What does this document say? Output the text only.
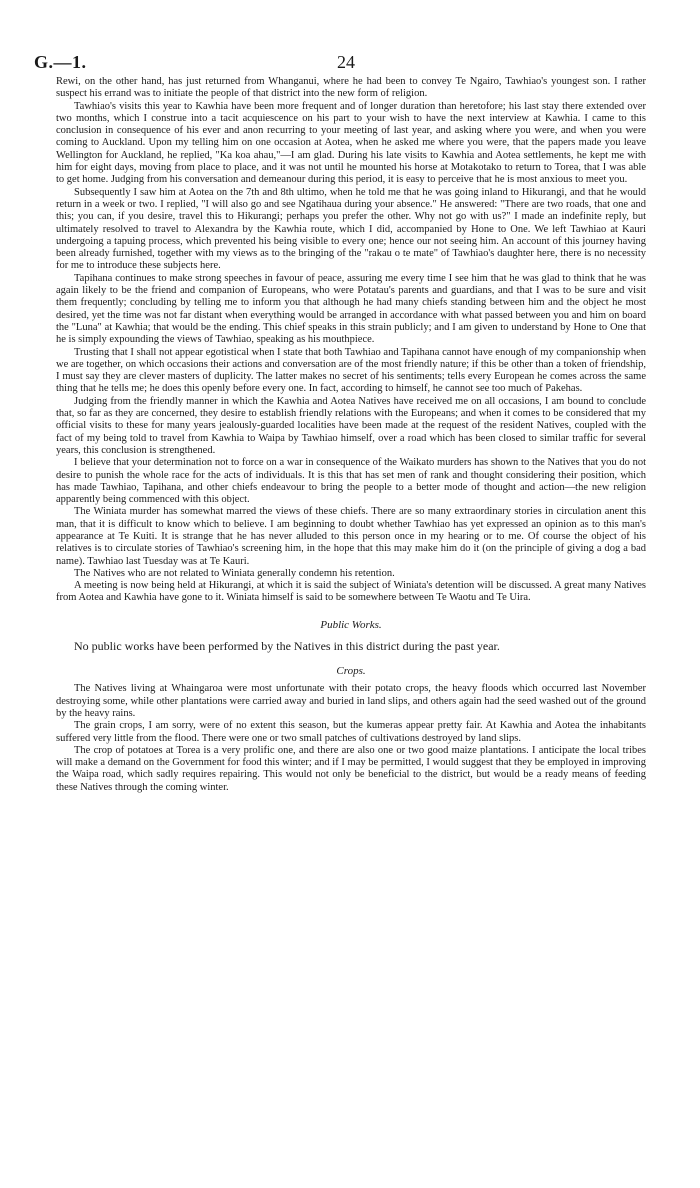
G.—1.	24

Rewi, on the other hand, has just returned from Whanganui, where he had been to convey Te Ngairo, Tawhiao's youngest son. I rather suspect his errand was to initiate the people of that district into the new form of religion.

Tawhiao's visits this year to Kawhia have been more frequent and of longer duration than heretofore; his last stay there extended over two months, which I construe into a tacit acquiescence on his part to your wish to have the next interview at Kawhia. I came to this conclusion in consequence of his ever and anon recurring to your meeting of last year, and asking where you were, and when you were coming to Auckland. Upon my telling him on one occasion at Aotea, when he asked me where you were, that the papers made you leave Wellington for Auckland, he replied, "Ka koa ahau,"—I am glad. During his late visits to Kawhia and Aotea settlements, he kept me with him for eight days, moving from place to place, and it was not until he mounted his horse at Motakotako to return to Torea, that I was able to get home. Judging from his conversation and demeanour during this period, it is easy to perceive that he is most anxious to meet you.

Subsequently I saw him at Aotea on the 7th and 8th ultimo, when he told me that he was going inland to Hikurangi, and that he would return in a week or two. I replied, "I will also go and see Ngatihaua during your absence." He answered: "There are two roads, that one and this; you can, if you desire, travel this to Hikurangi; perhaps you prefer the other. Why not go with us?" I made an indefinite reply, but ultimately resolved to travel to Alexandra by the Kawhia route, which I did, accompanied by Hone to One. We left Tawhiao at Kauri undergoing a tapuing process, which prevented his being visible to every one; hence our not seeing him. An account of this journey having been already furnished, together with my views as to the bringing of the "rakau o te mate" of Tawhiao's daughter here, there is no necessity for me to introduce these subjects here.

Tapihana continues to make strong speeches in favour of peace, assuring me every time I see him that he was glad to think that he was again likely to be the friend and companion of Europeans, who were Potatau's parents and guardians, and that I was to be sure and visit them frequently; concluding by telling me to inform you that although he had many chiefs standing between him and the object he most desired, yet the time was not far distant when everything would be arranged in accordance with what passed between you and him on board the "Luna" at Kawhia; that would be the ending. This chief speaks in this strain publicly; and I am given to understand by Hone to One that he is simply expounding the views of Tawhiao, speaking as his mouthpiece.

Trusting that I shall not appear egotistical when I state that both Tawhiao and Tapihana cannot have enough of my companionship when we are together, on which occasions their actions and conversation are of the most friendly nature; if this be other than a token of friendship, I must say they are clever masters of duplicity. The latter makes no secret of his sentiments; tells every European he comes across the same thing that he tells me; he does this openly before every one. In fact, according to himself, he cannot see too much of Pakehas.

Judging from the friendly manner in which the Kawhia and Aotea Natives have received me on all occasions, I am bound to conclude that, so far as they are concerned, they desire to establish friendly relations with the Europeans; and when it comes to be considered that my official visits to these for many years jealously-guarded localities have been made at the request of the resident Natives, coupled with the fact of my being told to travel from Kawhia to Waipa by Tawhiao himself, over a road which has been closed to similar traffic for several years, this conclusion is strengthened.

I believe that your determination not to force on a war in consequence of the Waikato murders has shown to the Natives that you do not desire to punish the whole race for the acts of individuals. It is this that has set men of rank and thought considering their position, which has made Tawhiao, Tapihana, and other chiefs endeavour to bring the people to a better mode of thought and action—the new religion apparently being commenced with this object.

The Winiata murder has somewhat marred the views of these chiefs. There are so many extraordinary stories in circulation anent this man, that it is difficult to know which to believe. I am beginning to doubt whether Tawhiao has yet expressed an opinion as to this man's appearance at Te Kuiti. It is strange that he has never alluded to this person once in my hearing or to me. Of course the object of his relatives is to circulate stories of Tawhiao's screening him, in the hope that this may make him do it (on the principle of giving a dog a bad name). Tawhiao last Tuesday was at Te Kauri.

The Natives who are not related to Winiata generally condemn his retention.

A meeting is now being held at Hikurangi, at which it is said the subject of Winiata's detention will be discussed. A great many Natives from Aotea and Kawhia have gone to it. Winiata himself is said to be somewhere between Te Waotu and Te Uira.

Public Works.

No public works have been performed by the Natives in this district during the past year.

Crops.

The Natives living at Whaingaroa were most unfortunate with their potato crops, the heavy floods which occurred last November destroying some, while other plantations were carried away and buried in land slips, and others again had the seed washed out of the ground by the heavy rains.

The grain crops, I am sorry, were of no extent this season, but the kumeras appear pretty fair. At Kawhia and Aotea the inhabitants suffered very little from the flood. There were one or two small patches of cultivations destroyed by land slips.

The crop of potatoes at Torea is a very prolific one, and there are also one or two good maize plantations. I anticipate the local tribes will make a demand on the Government for food this winter; and if I may be permitted, I would suggest that they be employed in improving the Waipa road, which sadly requires repairing. This would not only be beneficial to the district, but would be a ready means of feeding these Natives through the coming winter.
